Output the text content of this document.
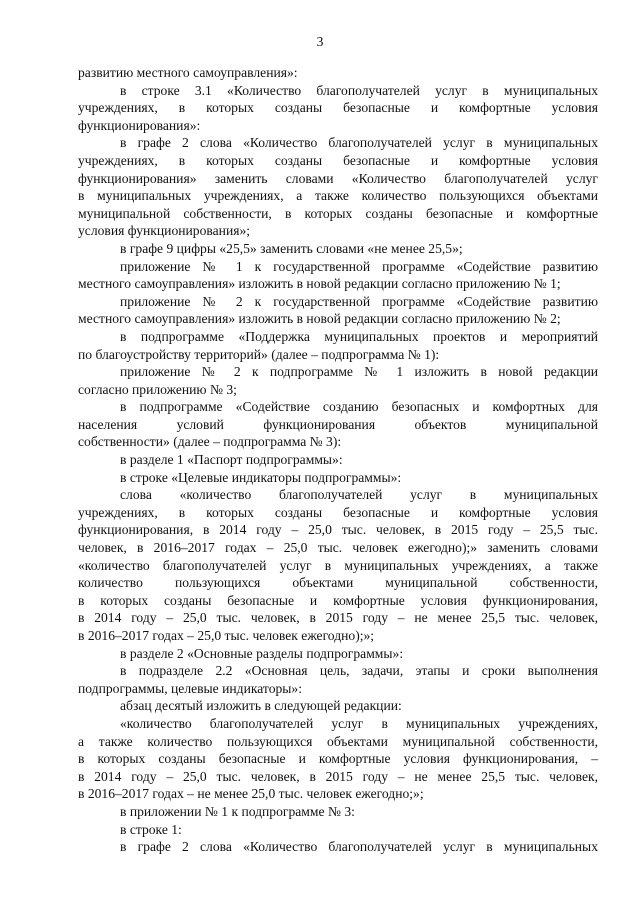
3
развитию местного самоуправления»:
в строке 3.1 «Количество благополучателей услуг в муниципальных
учреждениях, в которых созданы безопасные и комфортные условия
функционирования»:
в графе 2 слова «Количество благополучателей услуг в муниципальных
учреждениях, в которых созданы безопасные и комфортные условия
функционирования» заменить словами «Количество благополучателей услуг
в муниципальных учреждениях, а также количество пользующихся объектами
муниципальной собственности, в которых созданы безопасные и комфортные
условия функционирования»;
в графе 9 цифры «25,5» заменить словами «не менее 25,5»;
приложение № 1 к государственной программе «Содействие развитию
местного самоуправления» изложить в новой редакции согласно приложению № 1;
приложение № 2 к государственной программе «Содействие развитию
местного самоуправления» изложить в новой редакции согласно приложению № 2;
в подпрограмме «Поддержка муниципальных проектов и мероприятий
по благоустройству территорий» (далее – подпрограмма № 1):
приложение № 2 к подпрограмме № 1 изложить в новой редакции
согласно приложению № 3;
в подпрограмме «Содействие созданию безопасных и комфортных для
населения условий функционирования объектов муниципальной
собственности» (далее – подпрограмма № 3):
в разделе 1 «Паспорт подпрограммы»:
в строке «Целевые индикаторы подпрограммы»:
слова «количество благополучателей услуг в муниципальных
учреждениях, в которых созданы безопасные и комфортные условия
функционирования, в 2014 году – 25,0 тыс. человек, в 2015 году – 25,5 тыс.
человек, в 2016–2017 годах – 25,0 тыс. человек ежегодно);» заменить словами
«количество благополучателей услуг в муниципальных учреждениях, а также
количество пользующихся объектами муниципальной собственности,
в которых созданы безопасные и комфортные условия функционирования,
в 2014 году – 25,0 тыс. человек, в 2015 году – не менее 25,5 тыс. человек,
в 2016–2017 годах – 25,0 тыс. человек ежегодно);»;
в разделе 2 «Основные разделы подпрограммы»:
в подразделе 2.2 «Основная цель, задачи, этапы и сроки выполнения
подпрограммы, целевые индикаторы»:
абзац десятый изложить в следующей редакции:
«количество благополучателей услуг в муниципальных учреждениях,
а также количество пользующихся объектами муниципальной собственности,
в которых созданы безопасные и комфортные условия функционирования, –
в 2014 году – 25,0 тыс. человек, в 2015 году – не менее 25,5 тыс. человек,
в 2016–2017 годах – не менее 25,0 тыс. человек ежегодно;»;
в приложении № 1 к подпрограмме № 3:
в строке 1:
в графе 2 слова «Количество благополучателей услуг в муниципальных
